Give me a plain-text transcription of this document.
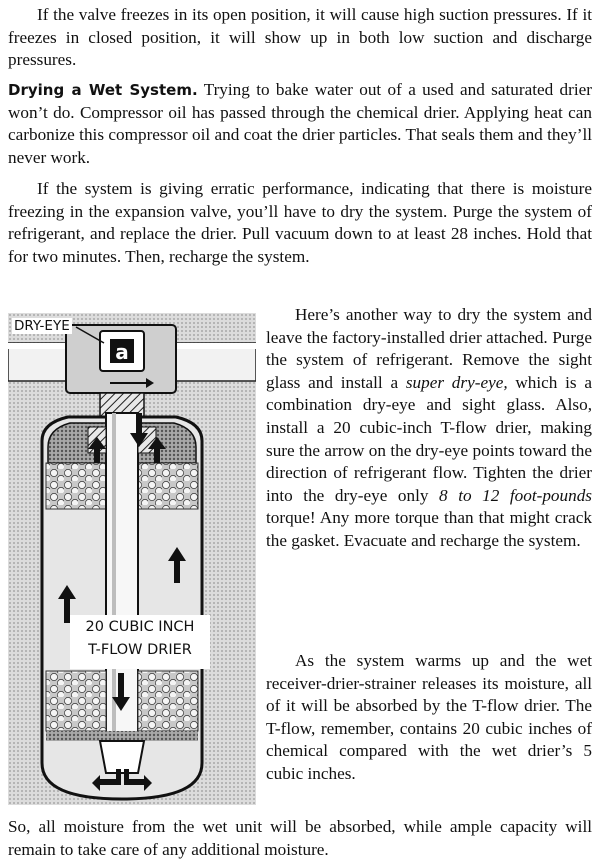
If the valve freezes in its open position, it will cause high suction pressures. If it freezes in closed position, it will show up in both low suction and discharge pressures.

Drying a Wet System. Trying to bake water out of a used and saturated drier won’t do. Compressor oil has passed through the chemical drier. Applying heat can carbonize this compressor oil and coat the drier particles. That seals them and they’ll never work.

If the system is giving erratic performance, indicating that there is moisture freezing in the expansion valve, you’ll have to dry the system. Purge the system of refrigerant, and replace the drier. Pull vacuum down to at least 28 inches. Hold that for two minutes. Then, recharge the system.

Here’s another way to dry the system and leave the factory-installed drier attached. Purge the system of refrigerant. Remove the sight glass and install a super dry-eye, which is a combination dry-eye and sight glass. Also, install a 20 cubic-inch T-flow drier, making sure the arrow on the dry-eye points toward the direction of refrigerant flow. Tighten the drier into the dry-eye only 8 to 12 foot-pounds torque! Any more torque than that might crack the gasket. Evacuate and recharge the system.

As the system warms up and the wet receiver-drier-strainer releases its moisture, all of it will be absorbed by the T-flow drier. The T-flow, remember, contains 20 cubic inches of chemical compared with the wet drier’s 5 cubic inches.

So, all moisture from the wet unit will be absorbed, while ample capacity will remain to take care of any additional moisture.

a
DRY-EYE
20 CUBIC INCH
T-FLOW DRIER
